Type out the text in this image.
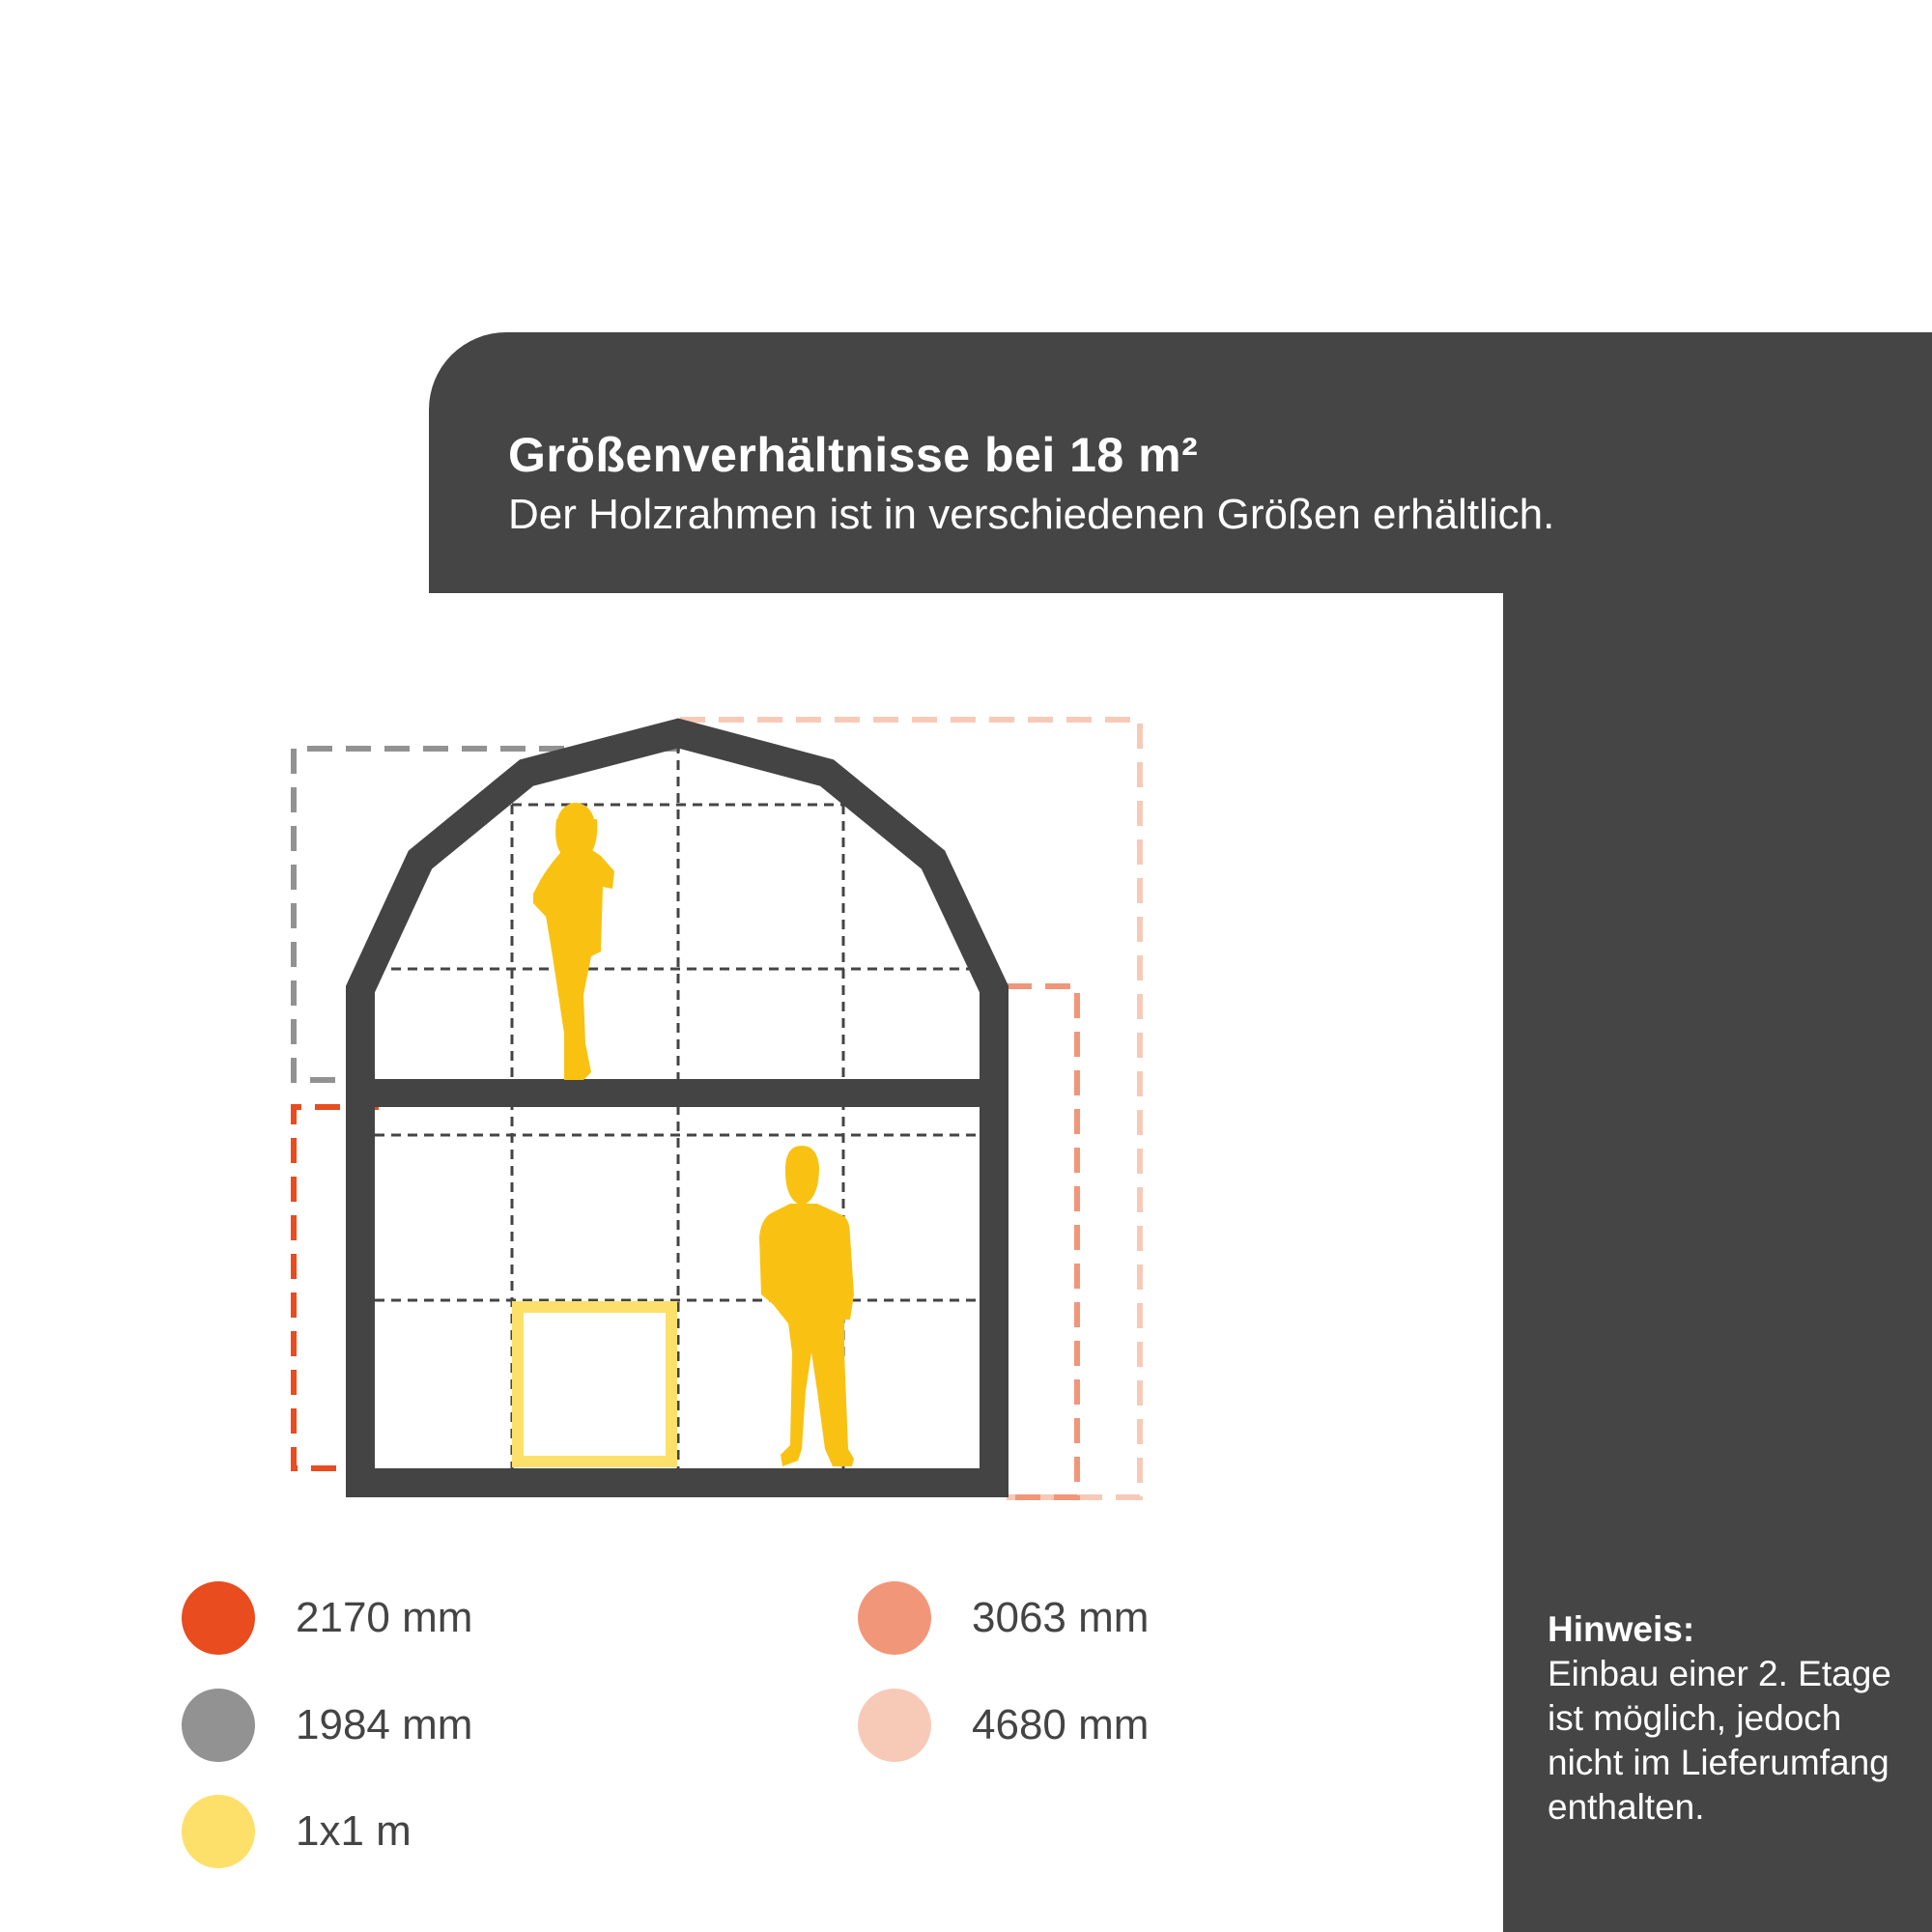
Größenverhältnisse bei 18 m²

Der Holzrahmen ist in verschiedenen Größen erhältlich.

2170 mm
1984 mm
1x1 m
3063 mm
4680 mm
Hinweis:
Einbau einer 2. Etage ist möglich, jedoch nicht im Lieferumfang enthalten.
